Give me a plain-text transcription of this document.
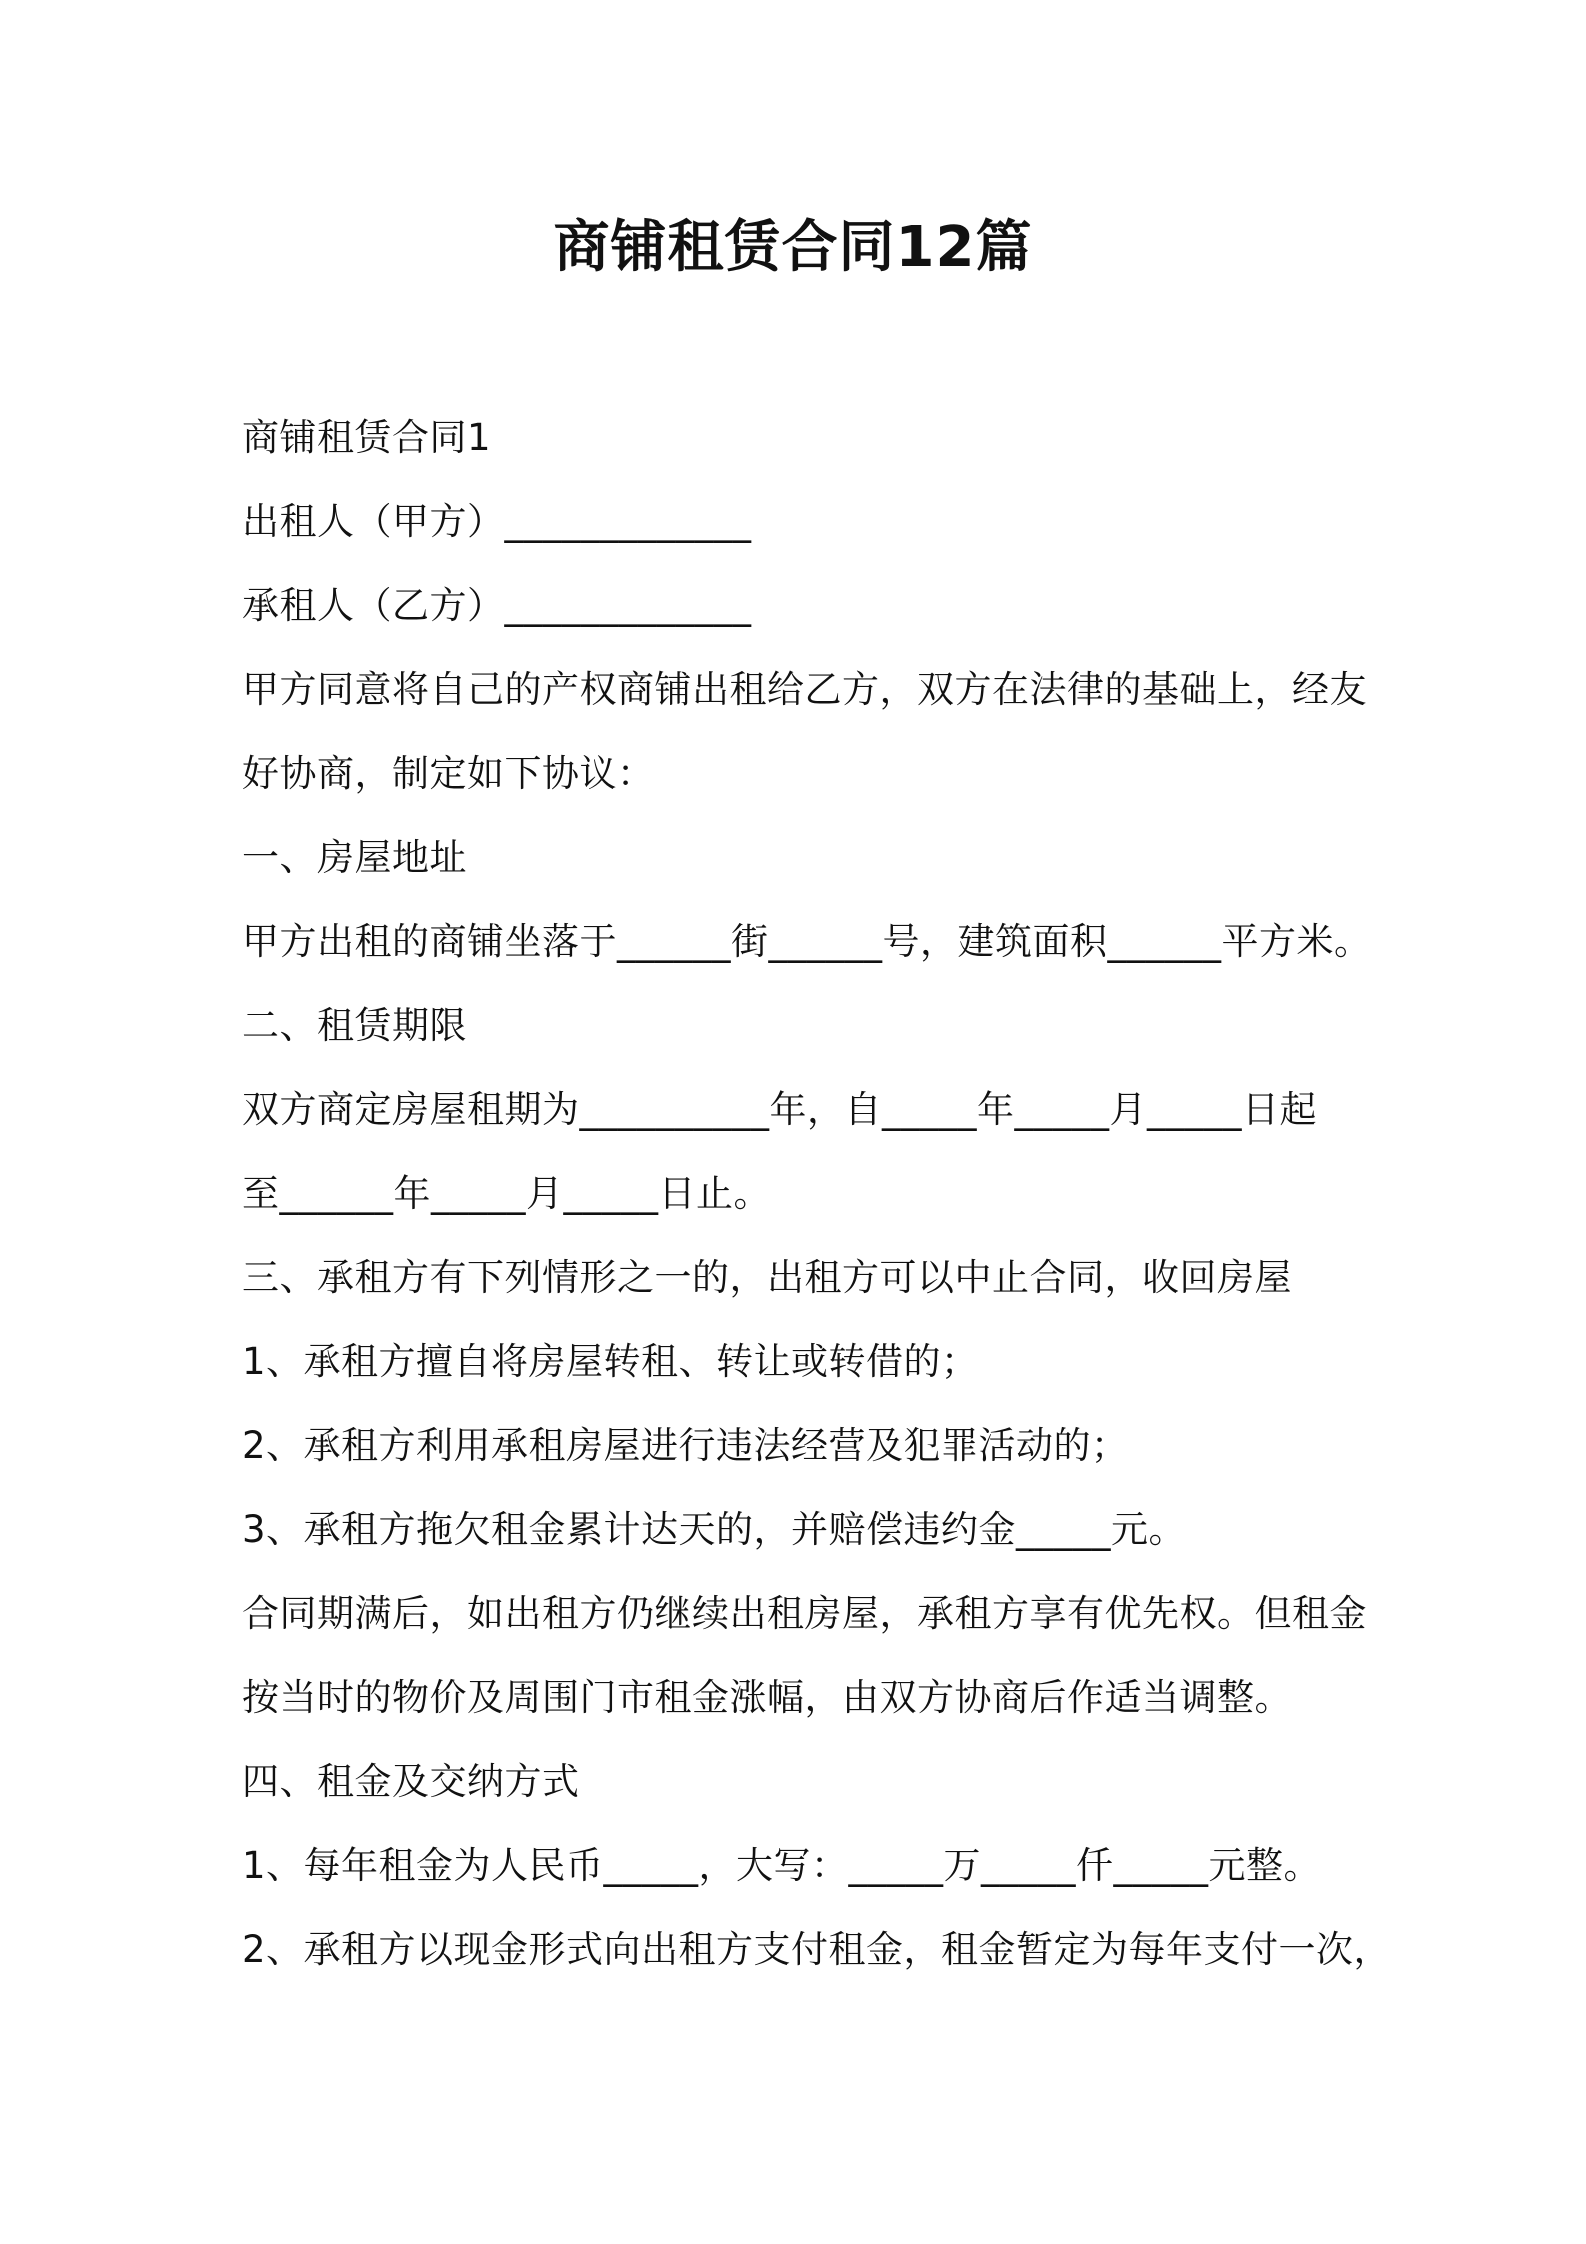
商铺租赁合同12篇
商铺租赁合同1
出租人（甲方）_____________
承租人（乙方）_____________
甲方同意将自己的产权商铺出租给乙方，双方在法律的基础上，经友
好协商，制定如下协议：
一、房屋地址
甲方出租的商铺坐落于______街______号，建筑面积______平方米。
二、租赁期限
双方商定房屋租期为__________年，自_____年_____月_____日起
至______年_____月_____日止。
三、承租方有下列情形之一的，出租方可以中止合同，收回房屋
1、承租方擅自将房屋转租、转让或转借的；
2、承租方利用承租房屋进行违法经营及犯罪活动的；
3、承租方拖欠租金累计达天的，并赔偿违约金_____元。
合同期满后，如出租方仍继续出租房屋，承租方享有优先权。但租金
按当时的物价及周围门市租金涨幅，由双方协商后作适当调整。
四、租金及交纳方式
1、每年租金为人民币_____，大写：_____万_____仟_____元整。
2、承租方以现金形式向出租方支付租金，租金暂定为每年支付一次，
